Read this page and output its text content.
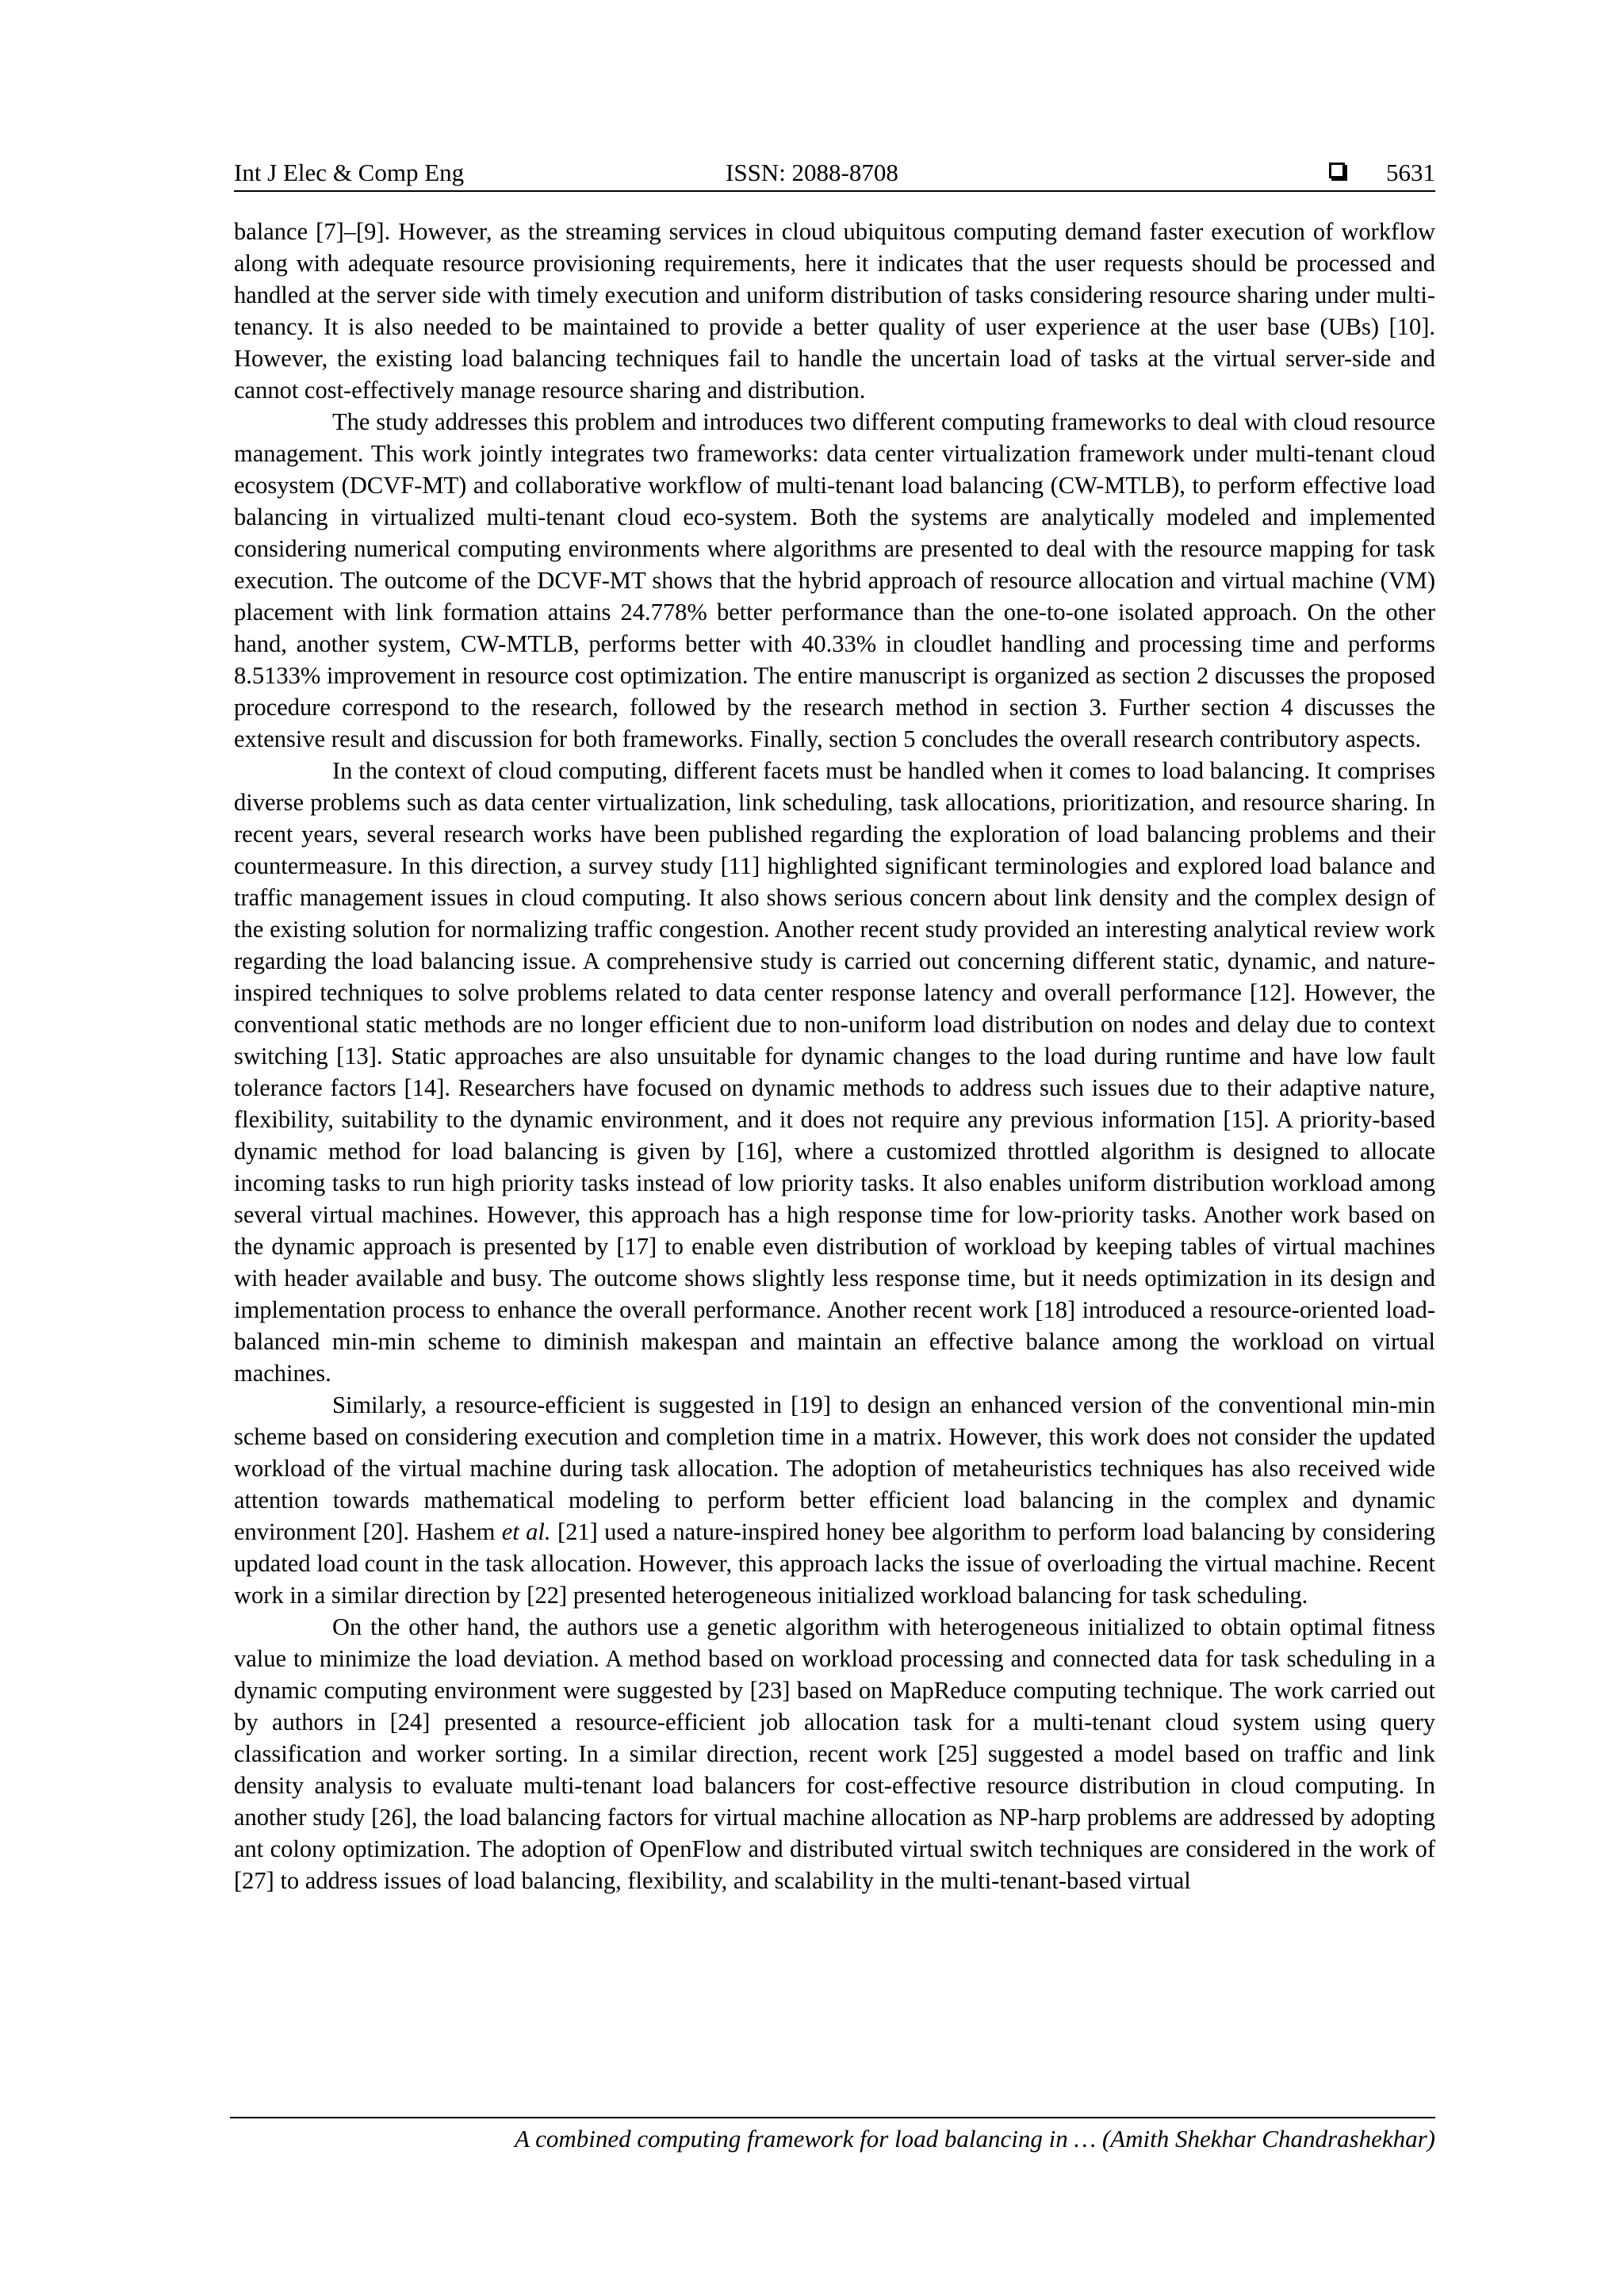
Int J Elec & Comp Eng	ISSN: 2088-8708	5631

balance [7]–[9]. However, as the streaming services in cloud ubiquitous computing demand faster execution of workflow along with adequate resource provisioning requirements, here it indicates that the user requests should be processed and handled at the server side with timely execution and uniform distribution of tasks considering resource sharing under multi-tenancy. It is also needed to be maintained to provide a better quality of user experience at the user base (UBs) [10]. However, the existing load balancing techniques fail to handle the uncertain load of tasks at the virtual server-side and cannot cost-effectively manage resource sharing and distribution.

The study addresses this problem and introduces two different computing frameworks to deal with cloud resource management. This work jointly integrates two frameworks: data center virtualization framework under multi-tenant cloud ecosystem (DCVF-MT) and collaborative workflow of multi-tenant load balancing (CW-MTLB), to perform effective load balancing in virtualized multi-tenant cloud eco-system. Both the systems are analytically modeled and implemented considering numerical computing environments where algorithms are presented to deal with the resource mapping for task execution. The outcome of the DCVF-MT shows that the hybrid approach of resource allocation and virtual machine (VM) placement with link formation attains 24.778% better performance than the one-to-one isolated approach. On the other hand, another system, CW-MTLB, performs better with 40.33% in cloudlet handling and processing time and performs 8.5133% improvement in resource cost optimization. The entire manuscript is organized as section 2 discusses the proposed procedure correspond to the research, followed by the research method in section 3. Further section 4 discusses the extensive result and discussion for both frameworks. Finally, section 5 concludes the overall research contributory aspects.

In the context of cloud computing, different facets must be handled when it comes to load balancing. It comprises diverse problems such as data center virtualization, link scheduling, task allocations, prioritization, and resource sharing. In recent years, several research works have been published regarding the exploration of load balancing problems and their countermeasure. In this direction, a survey study [11] highlighted significant terminologies and explored load balance and traffic management issues in cloud computing. It also shows serious concern about link density and the complex design of the existing solution for normalizing traffic congestion. Another recent study provided an interesting analytical review work regarding the load balancing issue. A comprehensive study is carried out concerning different static, dynamic, and nature-inspired techniques to solve problems related to data center response latency and overall performance [12]. However, the conventional static methods are no longer efficient due to non-uniform load distribution on nodes and delay due to context switching [13]. Static approaches are also unsuitable for dynamic changes to the load during runtime and have low fault tolerance factors [14]. Researchers have focused on dynamic methods to address such issues due to their adaptive nature, flexibility, suitability to the dynamic environment, and it does not require any previous information [15]. A priority-based dynamic method for load balancing is given by [16], where a customized throttled algorithm is designed to allocate incoming tasks to run high priority tasks instead of low priority tasks. It also enables uniform distribution workload among several virtual machines. However, this approach has a high response time for low-priority tasks. Another work based on the dynamic approach is presented by [17] to enable even distribution of workload by keeping tables of virtual machines with header available and busy. The outcome shows slightly less response time, but it needs optimization in its design and implementation process to enhance the overall performance. Another recent work [18] introduced a resource-oriented load-balanced min-min scheme to diminish makespan and maintain an effective balance among the workload on virtual machines.

Similarly, a resource-efficient is suggested in [19] to design an enhanced version of the conventional min-min scheme based on considering execution and completion time in a matrix. However, this work does not consider the updated workload of the virtual machine during task allocation. The adoption of metaheuristics techniques has also received wide attention towards mathematical modeling to perform better efficient load balancing in the complex and dynamic environment [20]. Hashem et al. [21] used a nature-inspired honey bee algorithm to perform load balancing by considering updated load count in the task allocation. However, this approach lacks the issue of overloading the virtual machine. Recent work in a similar direction by [22] presented heterogeneous initialized workload balancing for task scheduling.

On the other hand, the authors use a genetic algorithm with heterogeneous initialized to obtain optimal fitness value to minimize the load deviation. A method based on workload processing and connected data for task scheduling in a dynamic computing environment were suggested by [23] based on MapReduce computing technique. The work carried out by authors in [24] presented a resource-efficient job allocation task for a multi-tenant cloud system using query classification and worker sorting. In a similar direction, recent work [25] suggested a model based on traffic and link density analysis to evaluate multi-tenant load balancers for cost-effective resource distribution in cloud computing. In another study [26], the load balancing factors for virtual machine allocation as NP-harp problems are addressed by adopting ant colony optimization. The adoption of OpenFlow and distributed virtual switch techniques are considered in the work of [27] to address issues of load balancing, flexibility, and scalability in the multi-tenant-based virtual

A combined computing framework for load balancing in … (Amith Shekhar Chandrashekhar)
